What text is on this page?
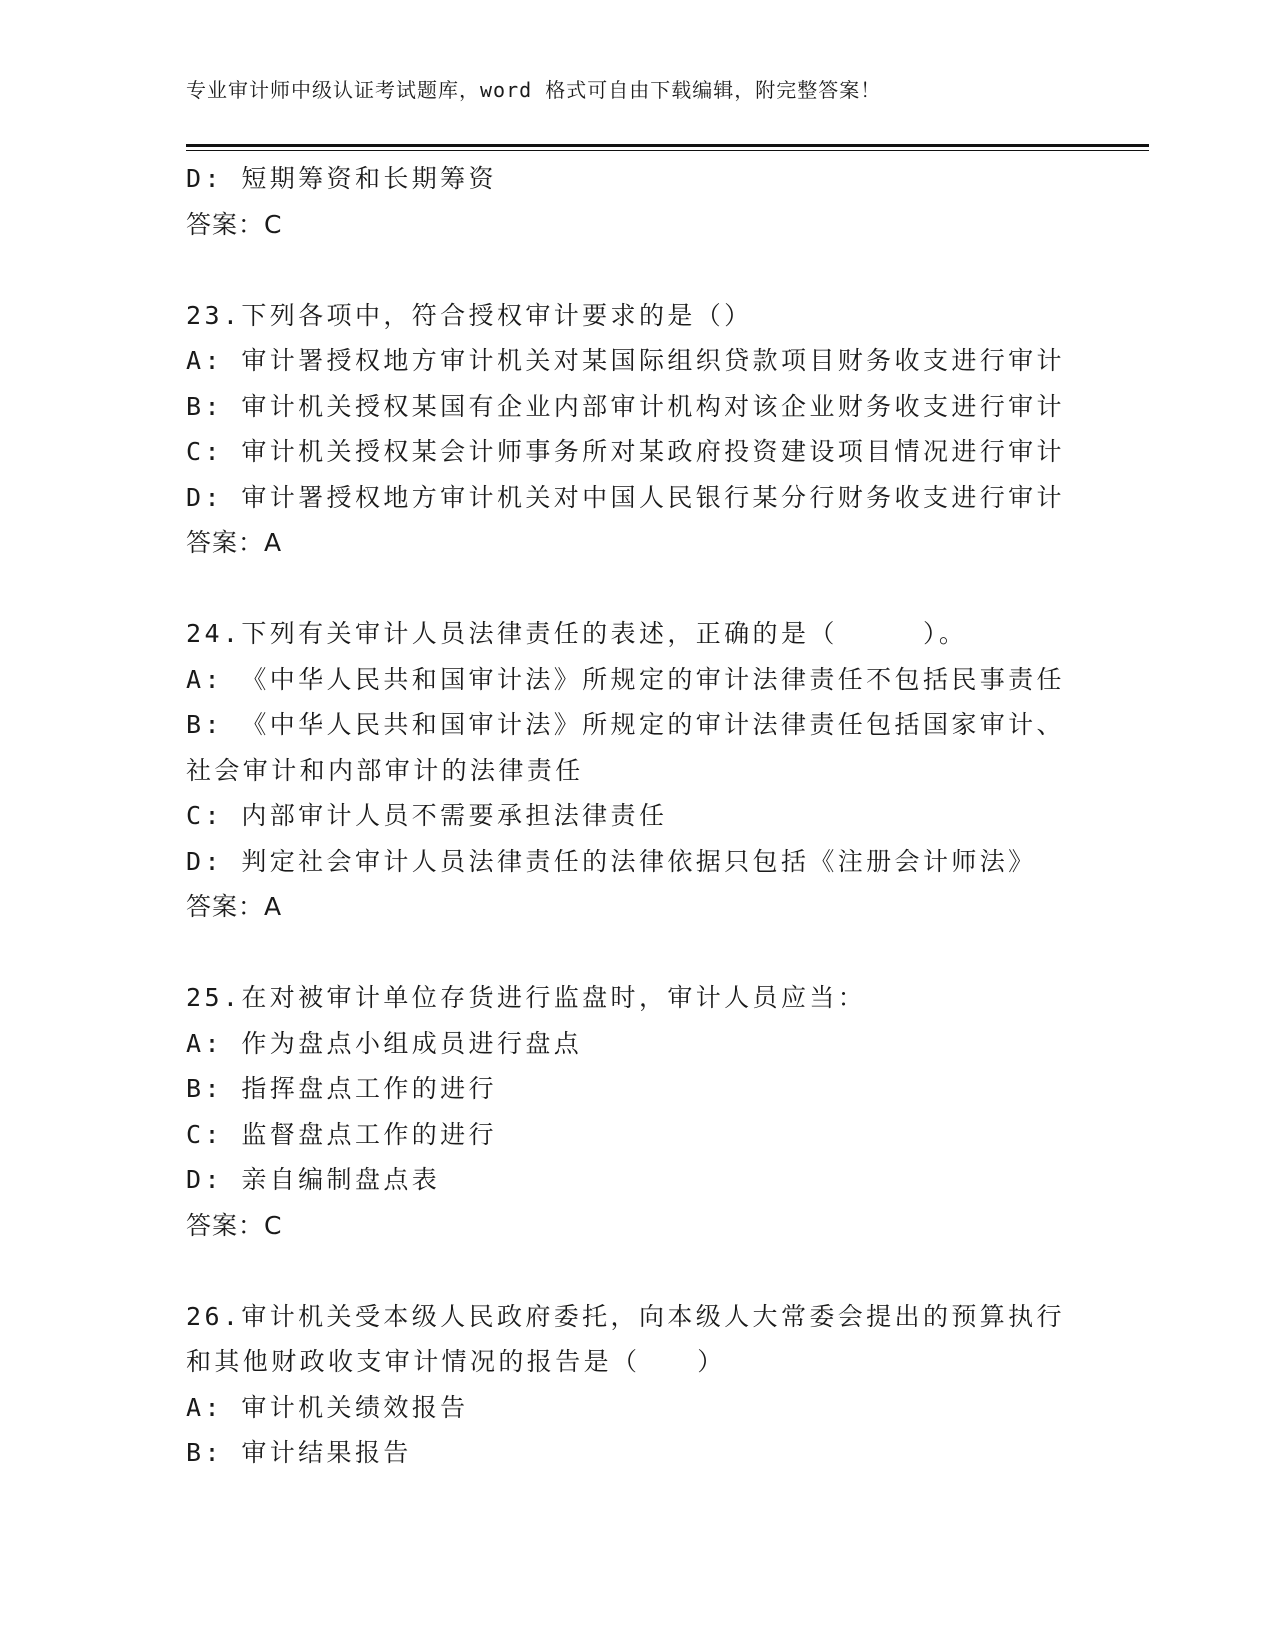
专业审计师中级认证考试题库，word 格式可自由下载编辑，附完整答案！
D: 短期筹资和长期筹资
答案：C
23.下列各项中，符合授权审计要求的是（）
A: 审计署授权地方审计机关对某国际组织贷款项目财务收支进行审计
B: 审计机关授权某国有企业内部审计机构对该企业财务收支进行审计
C: 审计机关授权某会计师事务所对某政府投资建设项目情况进行审计
D: 审计署授权地方审计机关对中国人民银行某分行财务收支进行审计
答案：A
24.下列有关审计人员法律责任的表述，正确的是（　　　）。
A: 《中华人民共和国审计法》所规定的审计法律责任不包括民事责任
B: 《中华人民共和国审计法》所规定的审计法律责任包括国家审计、
社会审计和内部审计的法律责任
C: 内部审计人员不需要承担法律责任
D: 判定社会审计人员法律责任的法律依据只包括《注册会计师法》
答案：A
25.在对被审计单位存货进行监盘时，审计人员应当：
A: 作为盘点小组成员进行盘点
B: 指挥盘点工作的进行
C: 监督盘点工作的进行
D: 亲自编制盘点表
答案：C
26.审计机关受本级人民政府委托，向本级人大常委会提出的预算执行
和其他财政收支审计情况的报告是（　　）
A: 审计机关绩效报告
B: 审计结果报告
